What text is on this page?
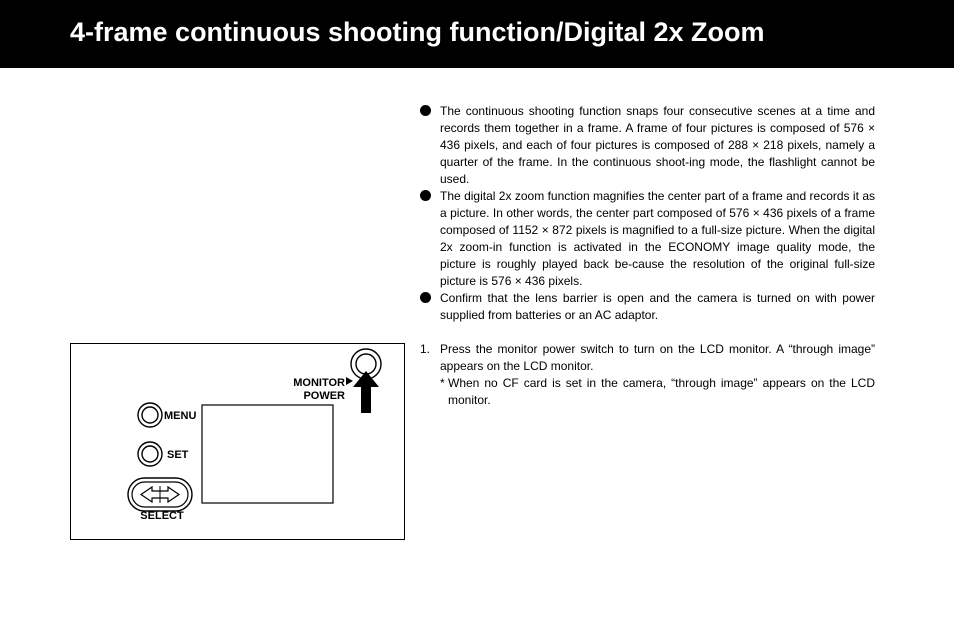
4-frame continuous shooting function/Digital 2x Zoom
The continuous shooting function snaps four consecutive scenes at a time and records them together in a frame. A frame of four pictures is composed of 576 × 436 pixels, and each of four pictures is composed of 288 × 218 pixels, namely a quarter of the frame. In the continuous shoot-ing mode, the flashlight cannot be used.
The digital 2x zoom function magnifies the center part of a frame and records it as a picture. In other words, the center part composed of 576 × 436 pixels of a frame composed of 1152 × 872 pixels is magnified to a full-size picture. When the digital 2x zoom-in function is activated in the ECONOMY image quality mode, the picture is roughly played back be-cause the resolution of the original full-size picture is 576 × 436 pixels.
Confirm that the lens barrier is open and the camera is turned on with power supplied from batteries or an AC adaptor.
1. Press the monitor power switch to turn on the LCD monitor. A “through image” appears on the LCD monitor.
* When no CF card is set in the camera, “through image” appears on the LCD monitor.
MONITOR
POWER
MENU
SET
SELECT
